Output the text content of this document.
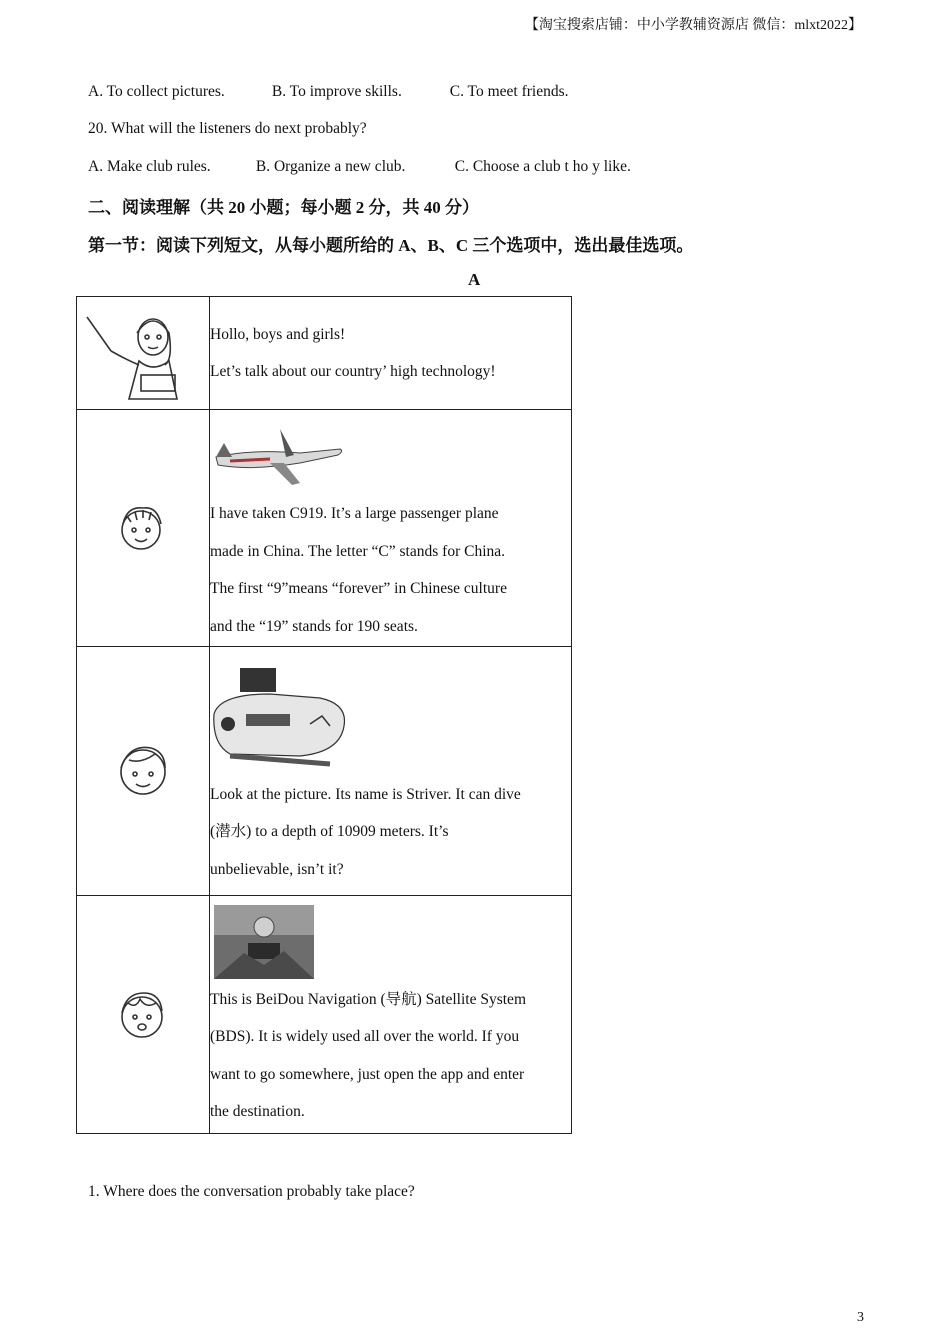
【淘宝搜索店铺：中小学教辅资源店 微信：mlxt2022】
A. To collect pictures.	B. To improve skills.	C. To meet friends.
20. What will the listeners do next probably?
A. Make club rules.	B. Organize a new club.	C. Choose a club t ho y like.
二、阅读理解（共 20 小题；每小题 2 分，共 40 分）
第一节：阅读下列短文，从每小题所给的 A、B、C 三个选项中，选出最佳选项。
A

Hollo, boys and girls!
Let’s talk about our country’ high technology!

I have taken C919. It’s a large passenger plane
made in China. The letter “C” stands for China.
The first “9”means “forever” in Chinese culture
and the “19” stands for 190 seats.

Look at the picture. Its name is Striver. It can dive
(潜水) to a depth of 10909 meters. It’s
unbelievable, isn’t it?

This is BeiDou Navigation (导航) Satellite System
(BDS). It is widely used all over the world. If you
want to go somewhere, just open the app and enter
the destination.
1. Where does the conversation probably take place?
3
